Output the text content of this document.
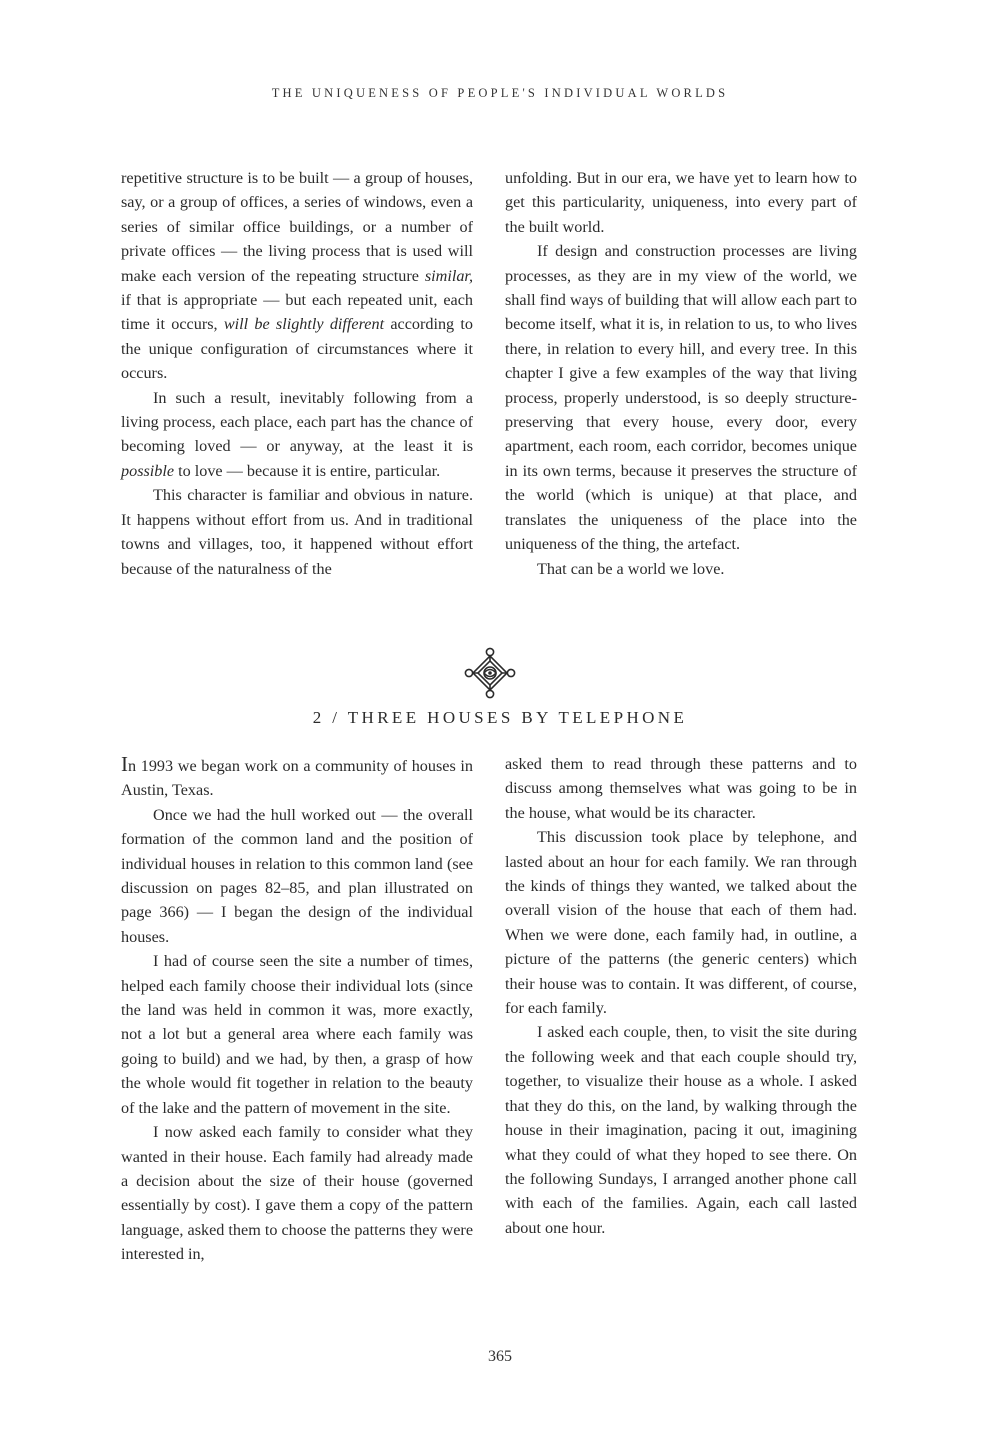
THE UNIQUENESS OF PEOPLE'S INDIVIDUAL WORLDS

repetitive structure is to be built — a group of houses, say, or a group of offices, a series of windows, even a series of similar office buildings, or a number of private offices — the living process that is used will make each version of the repeating structure similar, if that is appropriate — but each repeated unit, each time it occurs, will be slightly different according to the unique configuration of circumstances where it occurs.

In such a result, inevitably following from a living process, each place, each part has the chance of becoming loved — or anyway, at the least it is possible to love — because it is entire, particular.

This character is familiar and obvious in nature. It happens without effort from us. And in traditional towns and villages, too, it happened without effort because of the naturalness of the

unfolding. But in our era, we have yet to learn how to get this particularity, uniqueness, into every part of the built world.

If design and construction processes are living processes, as they are in my view of the world, we shall find ways of building that will allow each part to become itself, what it is, in relation to us, to who lives there, in relation to every hill, and every tree. In this chapter I give a few examples of the way that living process, properly understood, is so deeply structure-preserving that every house, every door, every apartment, each room, each corridor, becomes unique in its own terms, because it preserves the structure of the world (which is unique) at that place, and translates the uniqueness of the place into the uniqueness of the thing, the artefact.

That can be a world we love.

2 / THREE HOUSES BY TELEPHONE

In 1993 we began work on a community of houses in Austin, Texas.

Once we had the hull worked out — the overall formation of the common land and the position of individual houses in relation to this common land (see discussion on pages 82–85, and plan illustrated on page 366) — I began the design of the individual houses.

I had of course seen the site a number of times, helped each family choose their individual lots (since the land was held in common it was, more exactly, not a lot but a general area where each family was going to build) and we had, by then, a grasp of how the whole would fit together in relation to the beauty of the lake and the pattern of movement in the site.

I now asked each family to consider what they wanted in their house. Each family had already made a decision about the size of their house (governed essentially by cost). I gave them a copy of the pattern language, asked them to choose the patterns they were interested in,

asked them to read through these patterns and to discuss among themselves what was going to be in the house, what would be its character.

This discussion took place by telephone, and lasted about an hour for each family. We ran through the kinds of things they wanted, we talked about the overall vision of the house that each of them had. When we were done, each family had, in outline, a picture of the patterns (the generic centers) which their house was to contain. It was different, of course, for each family.

I asked each couple, then, to visit the site during the following week and that each couple should try, together, to visualize their house as a whole. I asked that they do this, on the land, by walking through the house in their imagination, pacing it out, imagining what they could of what they hoped to see there. On the following Sundays, I arranged another phone call with each of the families. Again, each call lasted about one hour.

365
